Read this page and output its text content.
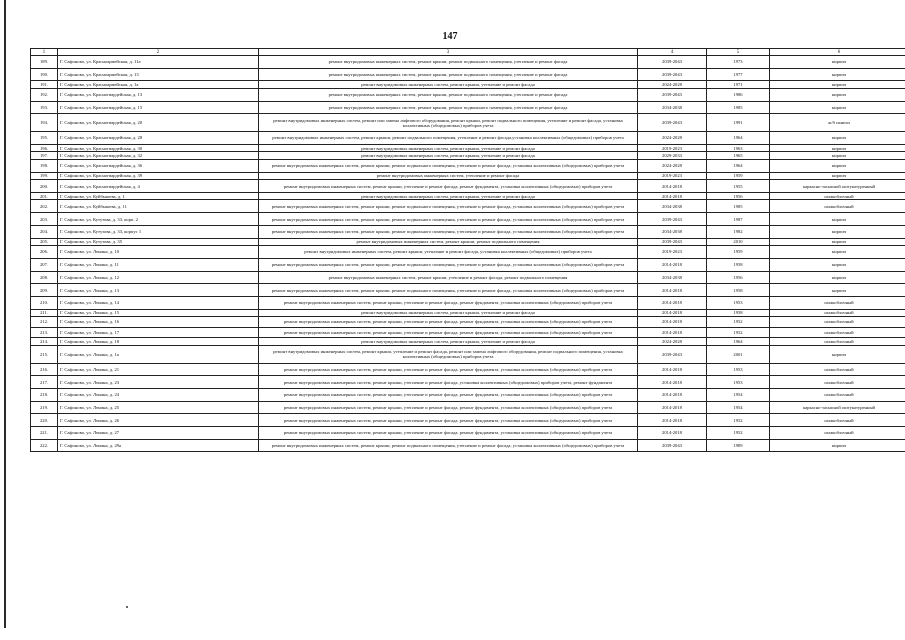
147
1	2	3	4	5	6
189.	Г. Сафоново, ул. Красноармейская, д. 11а	ремонт внутридомовых инженерных систем, ремонт крыши, ремонт подвального помещения, утепление и ремонт фасада	2039-2043	1973	кирпич
190.	Г. Сафоново, ул. Красноармейская, д. 13	ремонт внутридомовых инженерных систем, ремонт крыши, ремонт подвального помещения, утепление и ремонт фасада	2039-2043	1977	кирпич
191.	Г. Сафоново, ул. Красноармейская, д. 1а	ремонт внутридомовых инженерных систем, ремонт крыши, утепление и ремонт фасада	2024-2028	1971	кирпич
192.	Г. Сафоново, ул. Красногвардейская, д. 13	ремонт внутридомовых инженерных систем, ремонт крыши, ремонт подвального помещения, утепление и ремонт фасада	2039-2043	1986	кирпич
193.	Г. Сафоново, ул. Красногвардейская, д. 15	ремонт внутридомовых инженерных систем, ремонт крыши, ремонт подвального помещения, утепление и ремонт фасада	2034-2038	1985	кирпич
194.	Г. Сафоново, ул. Красногвардейская, д. 20	ремонт внутридомовых инженерных систем, ремонт или замена лифтового оборудования, ремонт крыши, ремонт подвального помещения, утепление и ремонт фасада, установка коллективных (общедомовых) приборов учета	2039-2043	1991	ж/б панели
195.	Г. Сафоново, ул. Красногвардейская, д. 28	ремонт внутридомовых инженерных систем, ремонт крыши, ремонт подвального помещения, утепление и ремонт фасада,установка коллективных (общедомовых) приборов учета	2024-2028	1964	кирпич
196.	Г. Сафоново, ул. Красногвардейская, д. 30	ремонт внутридомовых инженерных систем, ремонт крыши, утепление и ремонт фасада	2019-2023	1963	кирпич
197.	Г. Сафоново, ул. Красногвардейская, д. 32	ремонт внутридомовых инженерных систем, ремонт крыши, утепление и ремонт фасада	2029-2033	1965	кирпич
198.	Г. Сафоново, ул. Красногвардейская, д. 36	ремонт внутридомовых инженерных систем, ремонт крыши, ремонт подвального помещения, утепление и ремонт фасада, установка коллективных (общедомовых) приборов учета	2024-2028	1964	кирпич
199.	Г. Сафоново, ул. Красногвардейская, д. 39	ремонт внутридомовых инженерных систем, утепление и ремонт фасада	2019-2023	1959	кирпич
200.	Г. Сафоново, ул. Красногвардейская, д. 4	ремонт внутридомовых инженерных систем, ремонт крыши, утепление и ремонт фасада, ремонт фундамента, установка коллективных (общедомовых) приборов учета	2014-2018	1955	каркасно-засыпной оштукатуренный
201.	Г. Сафоново, ул. Куйбышева, д. 1	ремонт внутридомовых инженерных систем, ремонт крыши, утепление и ремонт фасада	2014-2018	1956	шлакоблочный
202.	Г. Сафоново, ул. Куйбышева, д. 11	ремонт внутридомовых инженерных систем, ремонт крыши, ремонт подвального помещения, утепление и ремонт фасада, установка коллективных (общедомовых) приборов учета	2034-2038	1985	шлакоблочный
203.	Г. Сафоново, ул. Кутузова, д. 33, корп. 2	ремонт внутридомовых инженерных систем, ремонт крыши, ремонт подвального помещения, утепление и ремонт фасада, установка коллективных (общедомовых) приборов учета	2039-2043	1987	кирпич
204.	Г. Сафоново, ул. Кутузова, д. 33, корпус 1	ремонт внутридомовых инженерных систем, ремонт крыши, ремонт подвального помещения, утепление и ремонт фасада, установка коллективных (общедомовых) приборов учета	2034-2038	1982	кирпич
205.	Г. Сафоново, ул. Кутузова, д. 35	ремонт внутридомовых инженерных систем, ремонт крыши, ремонт подвального помещения	2039-2043	2010	кирпич
206.	Г. Сафоново, ул. Ленина, д. 10	ремонт внутридомовых инженерных систем, ремонт крыши, утепление и ремонт фасада, установка коллективных (общедомовых) приборов учета	2019-2023	1959	кирпич
207.	Г. Сафоново, ул. Ленина, д. 11	ремонт внутридомовых инженерных систем, ремонт крыши, ремонт подвального помещения, утепление и ремонт фасада, установка коллективных (общедомовых) приборов учета	2014-2018	1958	кирпич
208.	Г. Сафоново, ул. Ленина, д. 12	ремонт внутридомовых инженерных систем, ремонт крыши, утепление и ремонт фасада, ремонт подвального помещения	2034-2038	1956	кирпич
209.	Г. Сафоново, ул. Ленина, д. 13	ремонт внутридомовых инженерных систем, ремонт крыши, ремонт подвального помещения, утепление и ремонт фасада, установка коллективных (общедомовых) приборов учета	2014-2018	1958	кирпич
210.	Г. Сафоново, ул. Ленина, д. 14	ремонт внутридомовых инженерных систем, ремонт крыши, утепление и ремонт фасада, ремонт фундамента, установка коллективных (общедомовых) приборов учета	2014-2018	1953	шлакоблочный
211.	Г. Сафоново, ул. Ленина, д. 15	ремонт внутридомовых инженерных систем, ремонт крыши, утепление и ремонт фасада	2014-2018	1958	шлакоблочный
212.	Г. Сафоново, ул. Ленина, д. 16	ремонт внутридомовых инженерных систем, ремонт крыши, утепление и ремонт фасада, ремонт фундамента, установка коллективных (общедомовых) приборов учета	2014-2018	1952	шлакоблочный
213.	Г. Сафоново, ул. Ленина, д. 17	ремонт внутридомовых инженерных систем, ремонт крыши, утепление и ремонт фасада, ремонт фундамента, установка коллективных (общедомовых) приборов учета	2014-2018	1952	шлакоблочный
214.	Г. Сафоново, ул. Ленина, д. 18	ремонт внутридомовых инженерных систем, ремонт крыши, утепление и ремонт фасада	2024-2028	1964	шлакоблочный
215.	Г. Сафоново, ул. Ленина, д. 1а	ремонт внутридомовых инженерных систем, ремонт крыши, утепление и ремонт фасада, ремонт или замена лифтового оборудования, ремонт подвального помещения, установка коллективных (общедомовых) приборов учета	2039-2043	2001	кирпич
216.	Г. Сафоново, ул. Ленина, д. 21	ремонт внутридомовых инженерных систем, ремонт крыши, утепление и ремонт фасада, ремонт фундамента, установка коллективных (общедомовых) приборов учета	2014-2018	1953	шлакоблочный
217.	Г. Сафоново, ул. Ленина, д. 23	ремонт внутридомовых инженерных систем, ремонт крыши, утепление и ремонт фасада, установка коллективных (общедомовых) приборов учета, ремонт фундамента	2014-2018	1953	шлакоблочный
218.	Г. Сафоново, ул. Ленина, д. 24	ремонт внутридомовых инженерных систем, ремонт крыши, утепление и ремонт фасада, ремонт фундамента, установка коллективных (общедомовых) приборов учета	2014-2018	1954	шлакоблочный
219.	Г. Сафоново, ул. Ленина, д. 25	ремонт внутридомовых инженерных систем, ремонт крыши, утепление и ремонт фасада, ремонт фундамента, установка коллективных (общедомовых) приборов учета	2014-2018	1954	каркасно-засыпной оштукатуренный
220.	Г. Сафоново, ул. Ленина, д. 26	ремонт внутридомовых инженерных систем, ремонт крыши, утепление и ремонт фасада, ремонт фундамента, установка коллективных (общедомовых) приборов учета	2014-2018	1952	шлакоблочный
221.	Г. Сафоново, ул. Ленина, д. 27	ремонт внутридомовых инженерных систем, ремонт крыши, утепление и ремонт фасада, ремонт фундамента, установка коллективных (общедомовых) приборов учета	2014-2018	1952	шлакоблочный
222.	Г. Сафоново, ул. Ленина, д. 29а	ремонт внутридомовых инженерных систем, ремонт крыши, ремонт подвального помещения, утепление и ремонт фасада, установка коллективных (общедомовых) приборов учета	2039-2043	1989	кирпич
